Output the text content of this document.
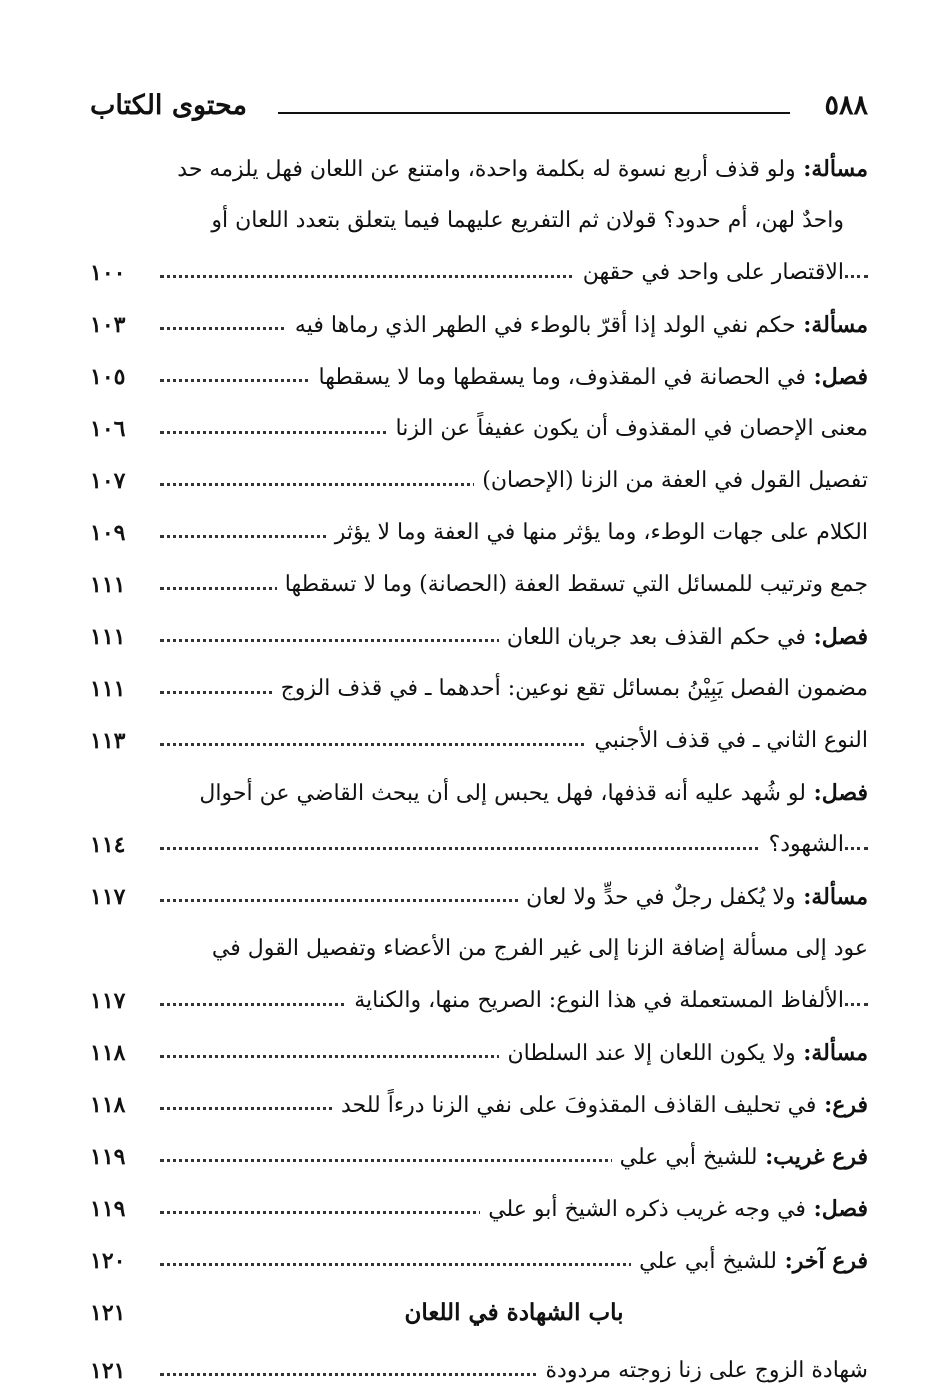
٥٨٨
محتوى الكتاب
مسألة: ولو قذف أربع نسوة له بكلمة واحدة، وامتنع عن اللعان فهل يلزمه حد
واحدٌ لهن، أم حدود؟ قولان ثم التفريع عليهما فيما يتعلق بتعدد اللعان أو
الاقتصار على واحد في حقهن
١٠٠
مسألة: حكم نفي الولد إذا أقرّ بالوطء في الطهر الذي رماها فيه
١٠٣
فصل: في الحصانة في المقذوف، وما يسقطها وما لا يسقطها
١٠٥
معنى الإحصان في المقذوف أن يكون عفيفاً عن الزنا
١٠٦
تفصيل القول في العفة من الزنا (الإحصان)
١٠٧
الكلام على جهات الوطء، وما يؤثر منها في العفة وما لا يؤثر
١٠٩
جمع وترتيب للمسائل التي تسقط العفة (الحصانة) وما لا تسقطها
١١١
فصل: في حكم القذف بعد جريان اللعان
١١١
مضمون الفصل يَبِيْنُ بمسائل تقع نوعين: أحدهما ـ في قذف الزوج
١١١
النوع الثاني ـ في قذف الأجنبي
١١٣
فصل: لو شُهد عليه أنه قذفها، فهل يحبس إلى أن يبحث القاضي عن أحوال
الشهود؟
١١٤
مسألة: ولا يُكفل رجلٌ في حدٍّ ولا لعان
١١٧
عود إلى مسألة إضافة الزنا إلى غير الفرج من الأعضاء وتفصيل القول في
الألفاظ المستعملة في هذا النوع: الصريح منها، والكناية
١١٧
مسألة: ولا يكون اللعان إلا عند السلطان
١١٨
فرع: في تحليف القاذف المقذوفَ على نفي الزنا درءاً للحد
١١٨
فرع غريب: للشيخ أبي علي
١١٩
فصل: في وجه غريب ذكره الشيخ أبو علي
١١٩
فرع آخر: للشيخ أبي علي
١٢٠
باب الشهادة في اللعان
١٢١
شهادة الزوج على زنا زوجته مردودة
١٢١
